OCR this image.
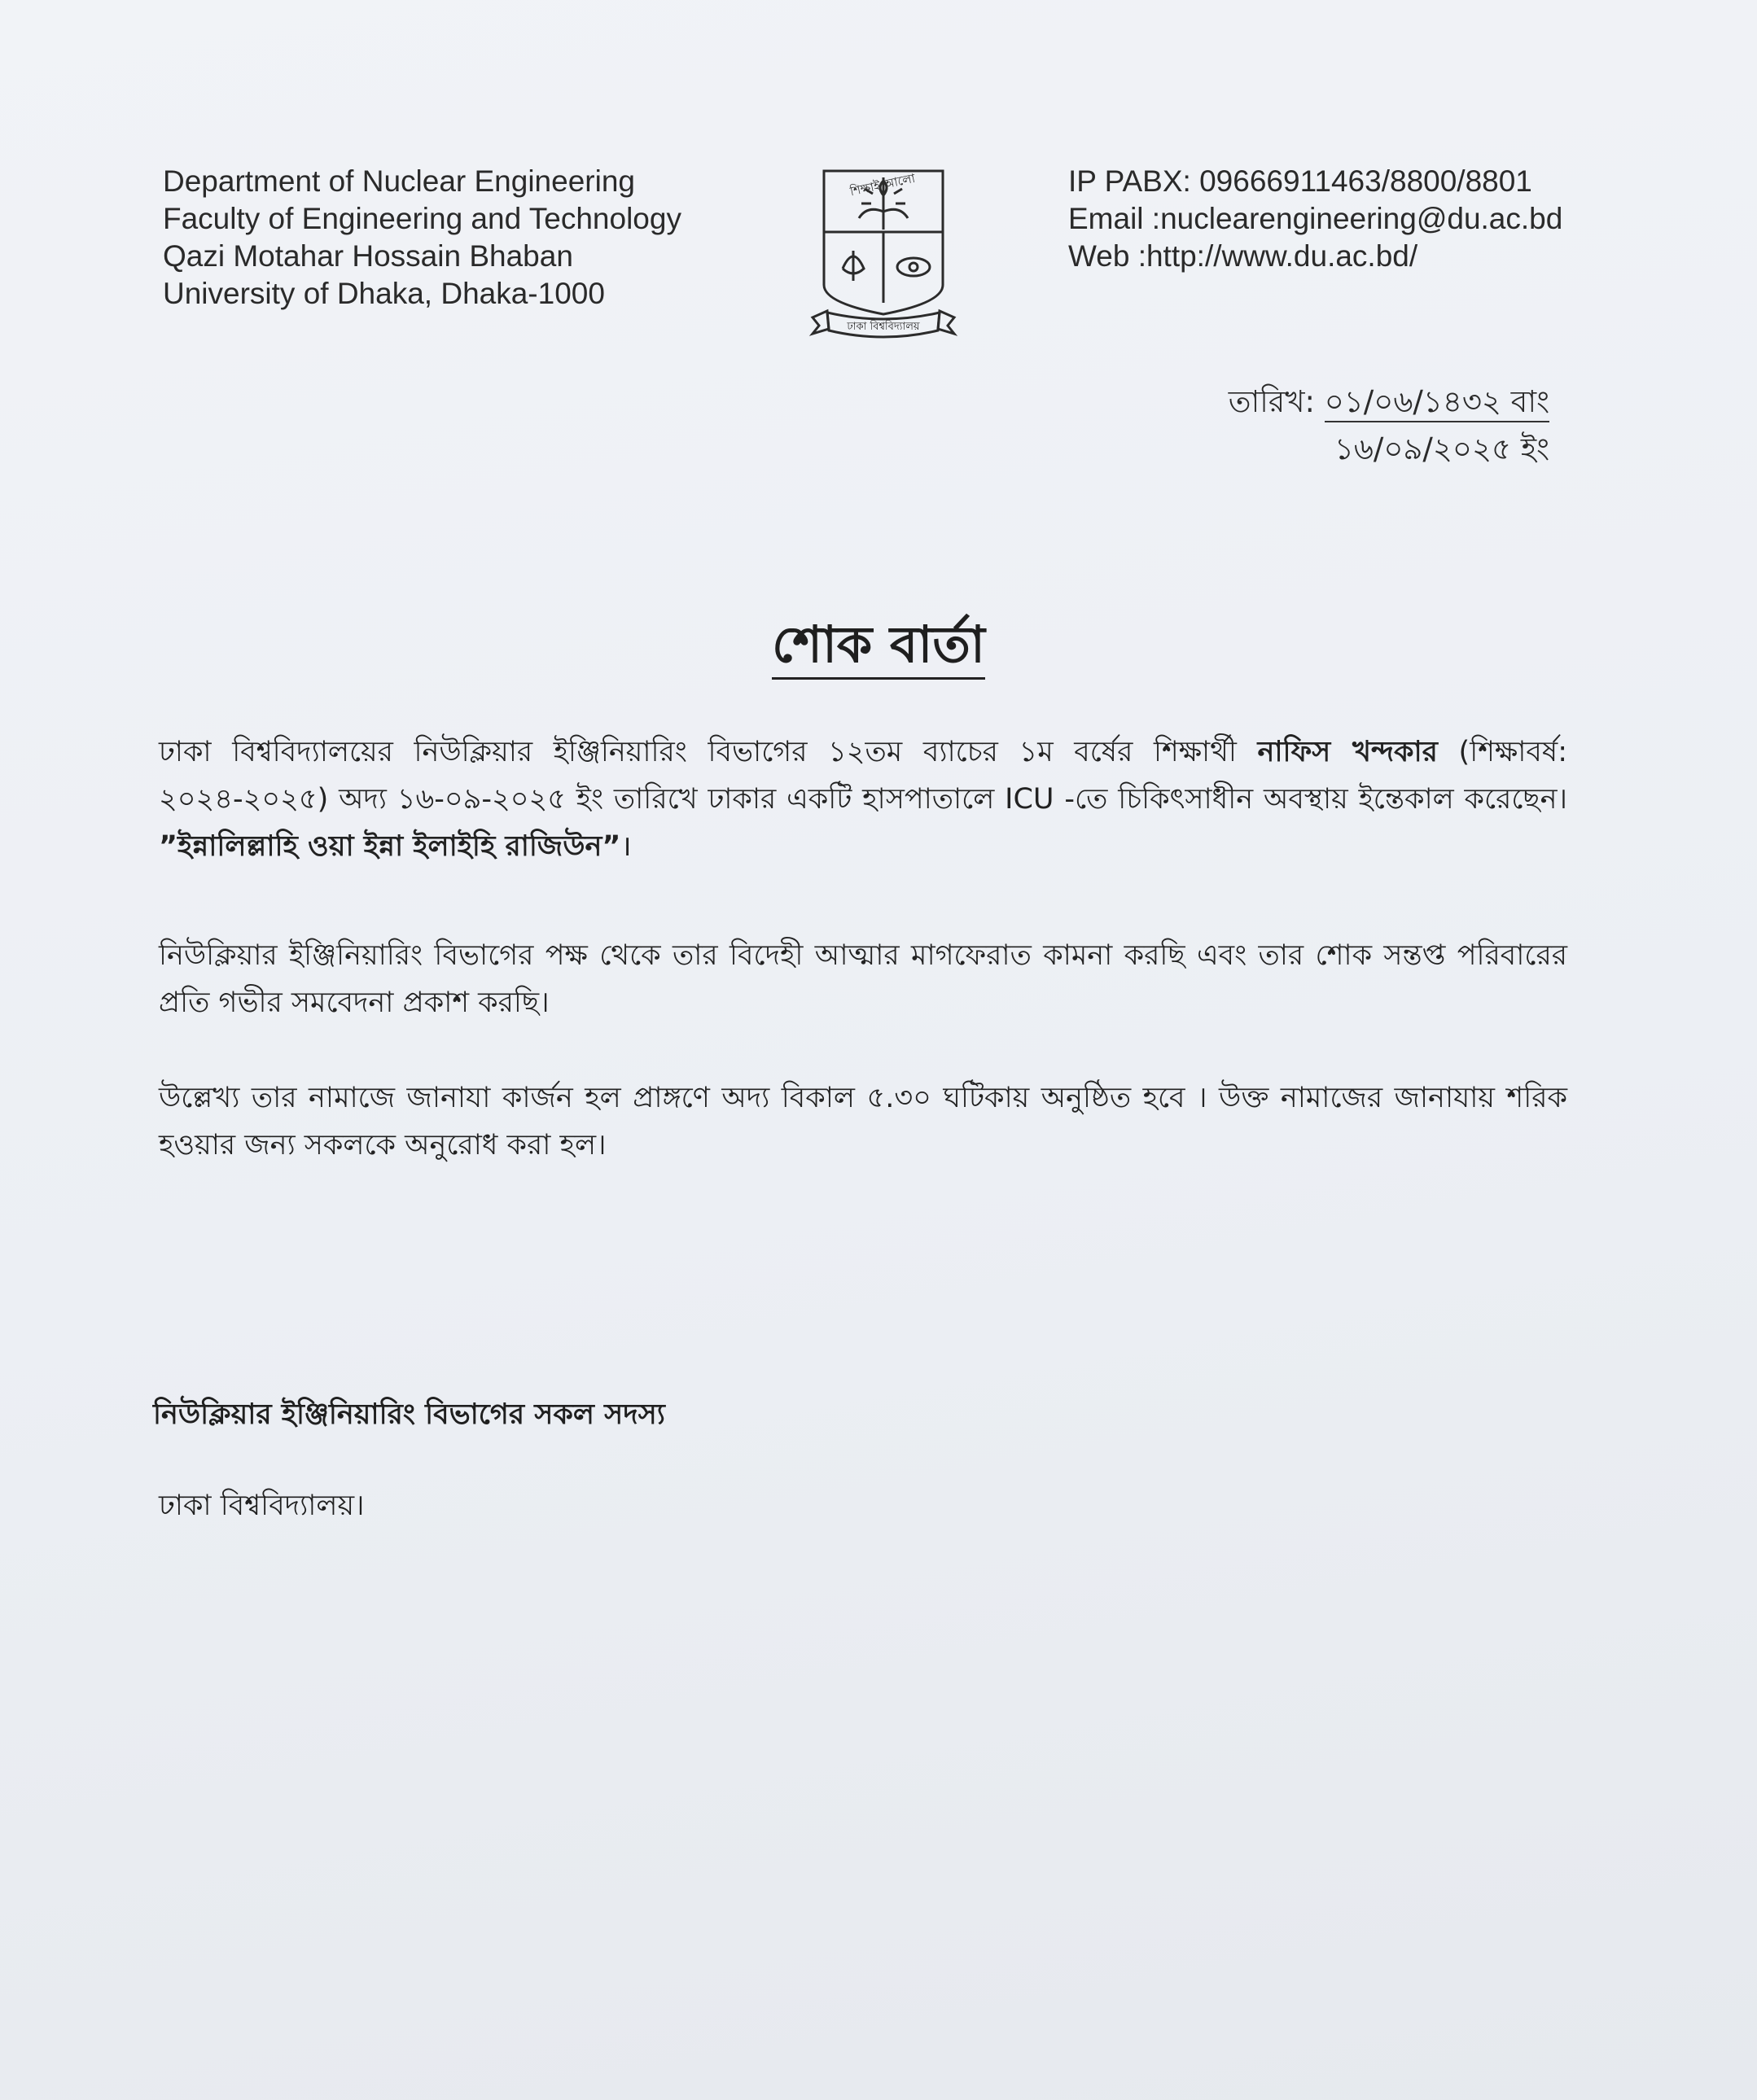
Department of Nuclear Engineering
Faculty of Engineering and Technology
Qazi Motahar Hossain Bhaban
University of Dhaka, Dhaka-1000
শিক্ষাই আলো
ঢাকা বিশ্ববিদ্যালয়
IP PABX: 09666911463/8800/8801
Email :nuclearengineering@du.ac.bd
Web :http://www.du.ac.bd/
তারিখ: ০১/০৬/১৪৩২ বাং
১৬/০৯/২০২৫ ইং
শোক বার্তা
ঢাকা বিশ্ববিদ্যালয়ের নিউক্লিয়ার ইঞ্জিনিয়ারিং বিভাগের ১২তম ব্যাচের ১ম বর্ষের শিক্ষার্থী নাফিস খন্দকার (শিক্ষাবর্ষ: ২০২৪-২০২৫) অদ্য ১৬-০৯-২০২৫ ইং তারিখে ঢাকার একটি হাসপাতালে ICU -তে চিকিৎসাধীন অবস্থায় ইন্তেকাল করেছেন। ”ইন্নালিল্লাহি ওয়া ইন্না ইলাইহি রাজিউন”।
নিউক্লিয়ার ইঞ্জিনিয়ারিং বিভাগের পক্ষ থেকে তার বিদেহী আত্মার মাগফেরাত কামনা করছি এবং তার শোক সন্তপ্ত পরিবারের প্রতি গভীর সমবেদনা প্রকাশ করছি।
উল্লেখ্য তার নামাজে জানাযা কার্জন হল প্রাঙ্গণে অদ্য বিকাল ৫.৩০ ঘটিকায় অনুষ্ঠিত হবে । উক্ত নামাজের জানাযায় শরিক হওয়ার জন্য সকলকে অনুরোধ করা হল।
নিউক্লিয়ার ইঞ্জিনিয়ারিং বিভাগের সকল সদস্য
ঢাকা বিশ্ববিদ্যালয়।
